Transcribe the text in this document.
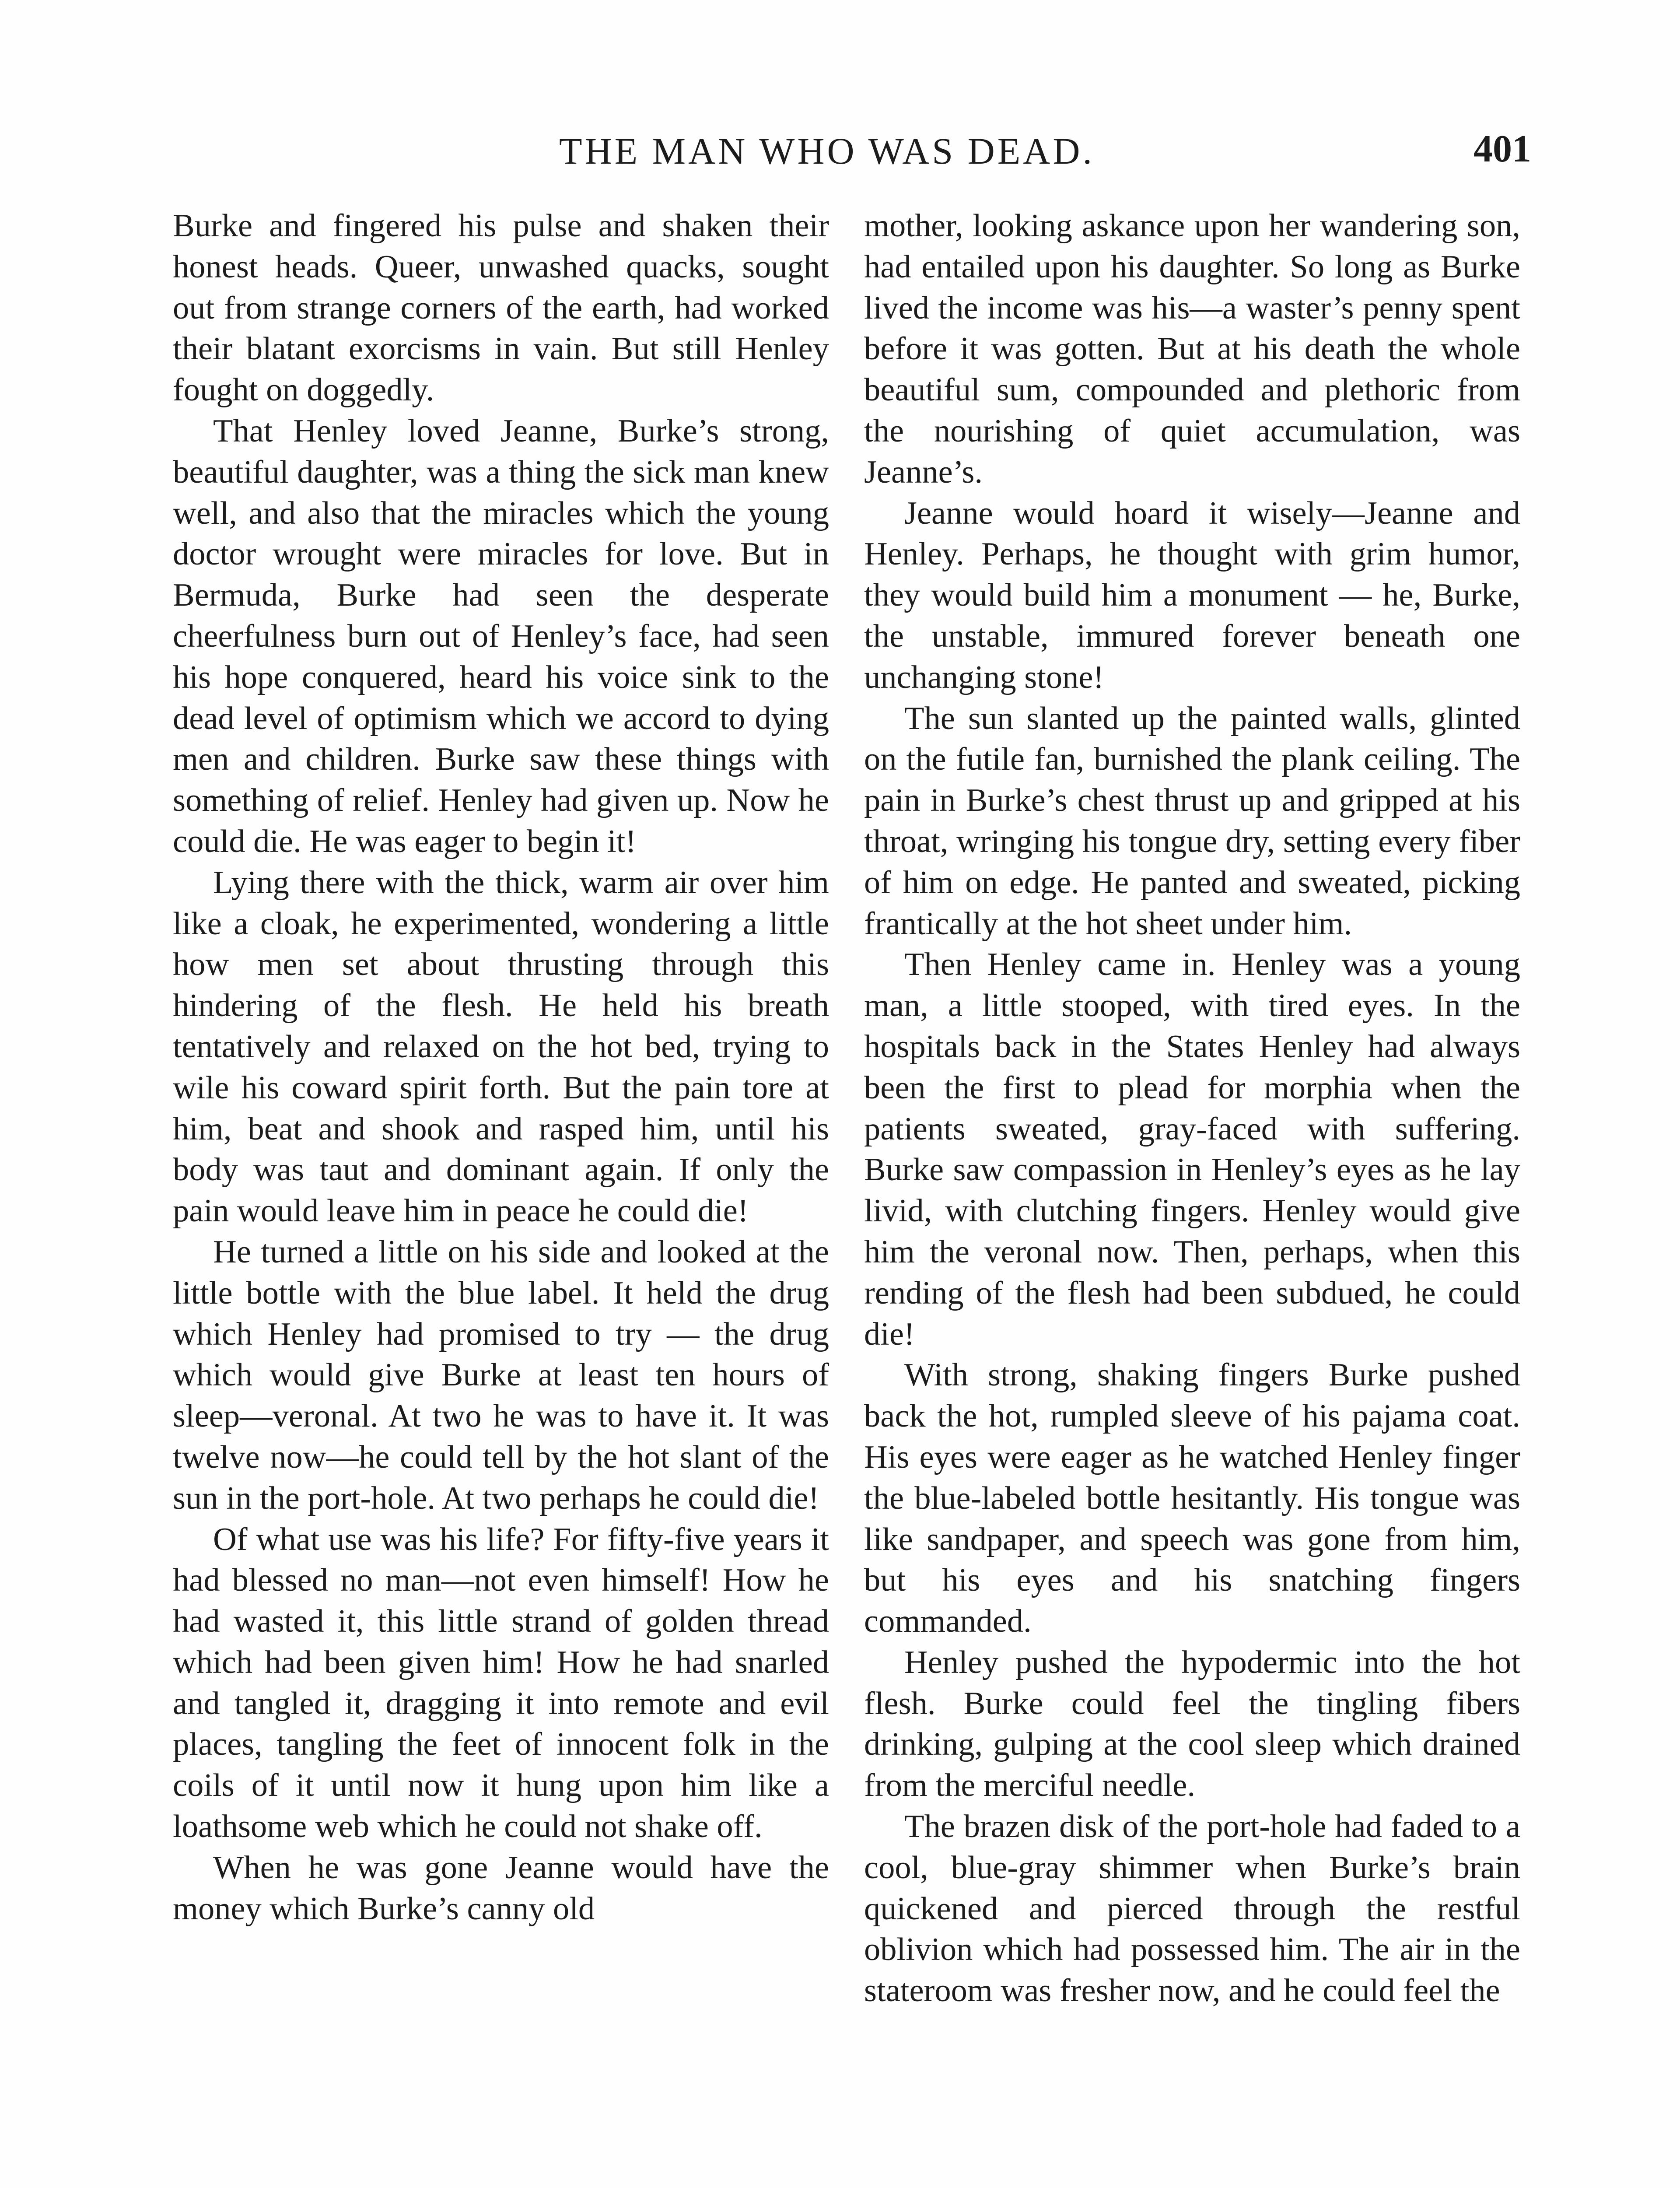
THE MAN WHO WAS DEAD.	401

Burke and fingered his pulse and shaken their honest heads. Queer, unwashed quacks, sought out from strange corners of the earth, had worked their blatant exorcisms in vain. But still Henley fought on doggedly.

That Henley loved Jeanne, Burke’s strong, beautiful daughter, was a thing the sick man knew well, and also that the miracles which the young doctor wrought were miracles for love. But in Bermuda, Burke had seen the desperate cheerfulness burn out of Henley’s face, had seen his hope conquered, heard his voice sink to the dead level of optimism which we accord to dying men and children. Burke saw these things with something of relief. Henley had given up. Now he could die. He was eager to begin it!

Lying there with the thick, warm air over him like a cloak, he experimented, wondering a little how men set about thrusting through this hindering of the flesh. He held his breath tentatively and relaxed on the hot bed, trying to wile his coward spirit forth. But the pain tore at him, beat and shook and rasped him, until his body was taut and dominant again. If only the pain would leave him in peace he could die!

He turned a little on his side and looked at the little bottle with the blue label. It held the drug which Henley had promised to try — the drug which would give Burke at least ten hours of sleep—veronal. At two he was to have it. It was twelve now—he could tell by the hot slant of the sun in the port-hole. At two perhaps he could die!

Of what use was his life? For fifty-five years it had blessed no man—not even himself! How he had wasted it, this little strand of golden thread which had been given him! How he had snarled and tangled it, dragging it into remote and evil places, tangling the feet of innocent folk in the coils of it until now it hung upon him like a loathsome web which he could not shake off.

When he was gone Jeanne would have the money which Burke’s canny old

mother, looking askance upon her wandering son, had entailed upon his daughter. So long as Burke lived the income was his—a waster’s penny spent before it was gotten. But at his death the whole beautiful sum, compounded and plethoric from the nourishing of quiet accumulation, was Jeanne’s.

Jeanne would hoard it wisely—Jeanne and Henley. Perhaps, he thought with grim humor, they would build him a monument — he, Burke, the unstable, immured forever beneath one unchanging stone!

The sun slanted up the painted walls, glinted on the futile fan, burnished the plank ceiling. The pain in Burke’s chest thrust up and gripped at his throat, wringing his tongue dry, setting every fiber of him on edge. He panted and sweated, picking frantically at the hot sheet under him.

Then Henley came in. Henley was a young man, a little stooped, with tired eyes. In the hospitals back in the States Henley had always been the first to plead for morphia when the patients sweated, gray-faced with suffering. Burke saw compassion in Henley’s eyes as he lay livid, with clutching fingers. Henley would give him the veronal now. Then, perhaps, when this rending of the flesh had been subdued, he could die!

With strong, shaking fingers Burke pushed back the hot, rumpled sleeve of his pajama coat. His eyes were eager as he watched Henley finger the blue-labeled bottle hesitantly. His tongue was like sandpaper, and speech was gone from him, but his eyes and his snatching fingers commanded.

Henley pushed the hypodermic into the hot flesh. Burke could feel the tingling fibers drinking, gulping at the cool sleep which drained from the merciful needle.

The brazen disk of the port-hole had faded to a cool, blue-gray shimmer when Burke’s brain quickened and pierced through the restful oblivion which had possessed him. The air in the stateroom was fresher now, and he could feel the
